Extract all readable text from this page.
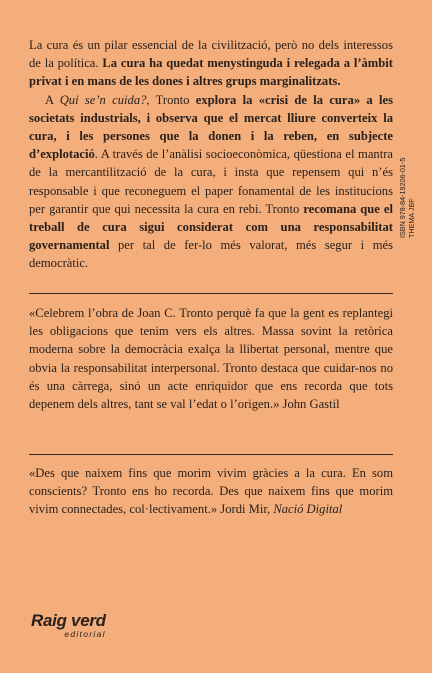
La cura és un pilar essencial de la civilització, però no dels interessos de la política. La cura ha quedat menystinguda i relegada a l’àmbit privat i en mans de les dones i altres grups marginalitzats.

A Qui se’n cuida?, Tronto explora la «crisi de la cura» a les societats industrials, i observa que el mercat lliure converteix la cura, i les persones que la donen i la reben, en subjecte d’explotació. A través de l’anàlisi socioeconòmica, qüestiona el mantra de la mercantilització de la cura, i insta que repensem qui n’és responsable i que reconeguem el paper fonamental de les institucions per garantir que qui necessita la cura en rebi. Tronto recomana que el treball de cura sigui considerat com una responsabilitat governamental per tal de fer-lo més valorat, més segur i més democràtic.

ISBN 978-84-19206-01-5 THEMA JBF

«Celebrem l’obra de Joan C. Tronto perquè fa que la gent es replantegi les obligacions que tenim vers els altres. Massa sovint la retòrica moderna sobre la democràcia exalça la llibertat personal, mentre que obvia la responsabilitat interpersonal. Tronto destaca que cuidar-nos no és una càrrega, sinó un acte enriquidor que ens recorda que tots depenem dels altres, tant se val l’edat o l’origen.» John Gastil

«Des que naixem fins que morim vivim gràcies a la cura. En som conscients? Tronto ens ho recorda. Des que naixem fins que morim vivim connectades, col·lectivament.» Jordi Mir, Nació Digital

Raig verd
editorial
